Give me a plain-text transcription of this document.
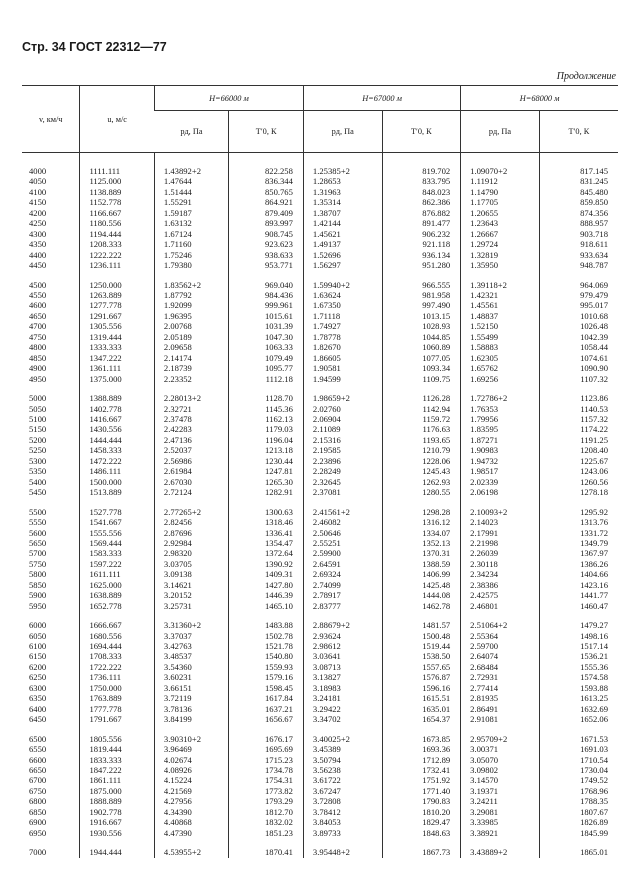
Стр. 34 ГОСТ 22312—77
Продолжение
v, км/ч	u, м/с	H=66000 м		H=67000 м		H=68000 м	
		pд, Па	T′0, К	pд, Па	T′0, К	pд, Па	T′0, К

4000	1111.111	1.43892+2	822.258	1.25385+2	819.702	1.09070+2	817.145
4050	1125.000	1.47644	836.344	1.28653	833.795	1.11912	831.245
4100	1138.889	1.51444	850.765	1.31963	848.023	1.14790	845.480
4150	1152.778	1.55291	864.921	1.35314	862.386	1.17705	859.850
4200	1166.667	1.59187	879.409	1.38707	876.882	1.20655	874.356
4250	1180.556	1.63132	893.997	1.42144	891.477	1.23643	888.957
4300	1194.444	1.67124	908.745	1.45621	906.232	1.26667	903.718
4350	1208.333	1.71160	923.623	1.49137	921.118	1.29724	918.611
4400	1222.222	1.75246	938.633	1.52696	936.134	1.32819	933.634
4450	1236.111	1.79380	953.771	1.56297	951.280	1.35950	948.787

4500	1250.000	1.83562+2	969.040	1.59940+2	966.555	1.39118+2	964.069
4550	1263.889	1.87792	984.436	1.63624	981.958	1.42321	979.479
4600	1277.778	1.92099	999.961	1.67350	997.490	1.45561	995.017
4650	1291.667	1.96395	1015.61	1.71118	1013.15	1.48837	1010.68
4700	1305.556	2.00768	1031.39	1.74927	1028.93	1.52150	1026.48
4750	1319.444	2.05189	1047.30	1.78778	1044.85	1.55499	1042.39
4800	1333.333	2.09658	1063.33	1.82670	1060.89	1.58883	1058.44
4850	1347.222	2.14174	1079.49	1.86605	1077.05	1.62305	1074.61
4900	1361.111	2.18739	1095.77	1.90581	1093.34	1.65762	1090.90
4950	1375.000	2.23352	1112.18	1.94599	1109.75	1.69256	1107.32

5000	1388.889	2.28013+2	1128.70	1.98659+2	1126.28	1.72786+2	1123.86
5050	1402.778	2.32721	1145.36	2.02760	1142.94	1.76353	1140.53
5100	1416.667	2.37478	1162.13	2.06904	1159.72	1.79956	1157.32
5150	1430.556	2.42283	1179.03	2.11089	1176.63	1.83595	1174.22
5200	1444.444	2.47136	1196.04	2.15316	1193.65	1.87271	1191.25
5250	1458.333	2.52037	1213.18	2.19585	1210.79	1.90983	1208.40
5300	1472.222	2.56986	1230.44	2.23896	1228.06	1.94732	1225.67
5350	1486.111	2.61984	1247.81	2.28249	1245.43	1.98517	1243.06
5400	1500.000	2.67030	1265.30	2.32645	1262.93	2.02339	1260.56
5450	1513.889	2.72124	1282.91	2.37081	1280.55	2.06198	1278.18

5500	1527.778	2.77265+2	1300.63	2.41561+2	1298.28	2.10093+2	1295.92
5550	1541.667	2.82456	1318.46	2.46082	1316.12	2.14023	1313.76
5600	1555.556	2.87696	1336.41	2.50646	1334.07	2.17991	1331.72
5650	1569.444	2.92984	1354.47	2.55251	1352.13	2.21998	1349.79
5700	1583.333	2.98320	1372.64	2.59900	1370.31	2.26039	1367.97
5750	1597.222	3.03705	1390.92	2.64591	1388.59	2.30118	1386.26
5800	1611.111	3.09138	1409.31	2.69324	1406.99	2.34234	1404.66
5850	1625.000	3.14621	1427.80	2.74099	1425.48	2.38386	1423.16
5900	1638.889	3.20152	1446.39	2.78917	1444.08	2.42575	1441.77
5950	1652.778	3.25731	1465.10	2.83777	1462.78	2.46801	1460.47

6000	1666.667	3.31360+2	1483.88	2.88679+2	1481.57	2.51064+2	1479.27
6050	1680.556	3.37037	1502.78	2.93624	1500.48	2.55364	1498.16
6100	1694.444	3.42763	1521.78	2.98612	1519.44	2.59700	1517.14
6150	1708.333	3.48537	1540.80	3.03641	1538.50	2.64074	1536.21
6200	1722.222	3.54360	1559.93	3.08713	1557.65	2.68484	1555.36
6250	1736.111	3.60231	1579.16	3.13827	1576.87	2.72931	1574.58
6300	1750.000	3.66151	1598.45	3.18983	1596.16	2.77414	1593.88
6350	1763.889	3.72119	1617.84	3.24181	1615.51	2.81935	1613.25
6400	1777.778	3.78136	1637.21	3.29422	1635.01	2.86491	1632.69
6450	1791.667	3.84199	1656.67	3.34702	1654.37	2.91081	1652.06

6500	1805.556	3.90310+2	1676.17	3.40025+2	1673.85	2.95709+2	1671.53
6550	1819.444	3.96469	1695.69	3.45389	1693.36	3.00371	1691.03
6600	1833.333	4.02674	1715.23	3.50794	1712.89	3.05070	1710.54
6650	1847.222	4.08926	1734.78	3.56238	1732.41	3.09802	1730.04
6700	1861.111	4.15224	1754.31	3.61722	1751.92	3.14570	1749.52
6750	1875.000	4.21569	1773.82	3.67247	1771.40	3.19371	1768.96
6800	1888.889	4.27956	1793.29	3.72808	1790.83	3.24211	1788.35
6850	1902.778	4.34390	1812.70	3.78412	1810.20	3.29081	1807.67
6900	1916.667	4.40868	1832.02	3.84053	1829.47	3.33985	1826.89
6950	1930.556	4.47390	1851.23	3.89733	1848.63	3.38921	1845.99

7000	1944.444	4.53955+2	1870.41	3.95448+2	1867.73	3.43889+2	1865.01
